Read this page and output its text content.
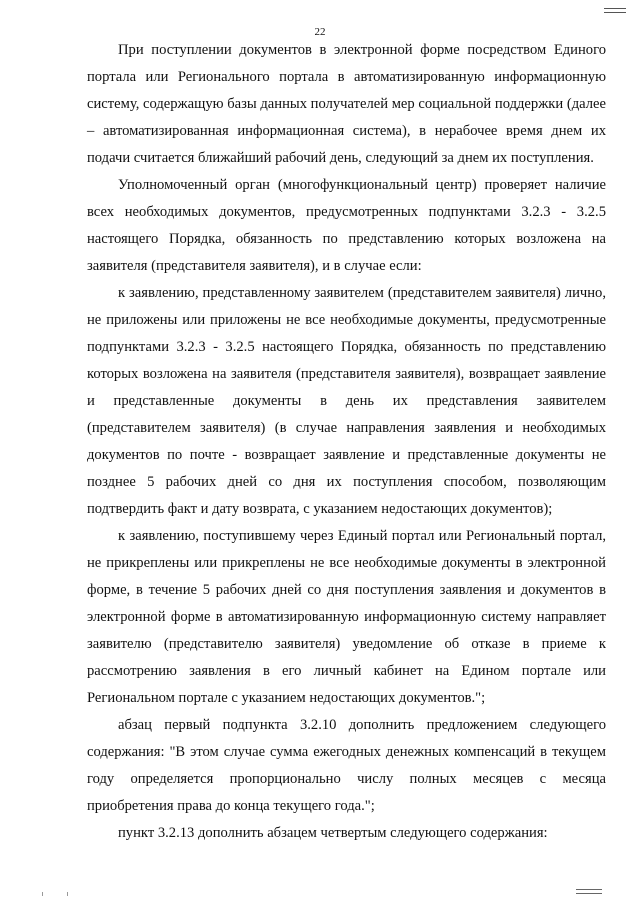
22

При поступлении документов в электронной форме посредством Единого портала или Регионального портала в автоматизированную информационную систему, содержащую базы данных получателей мер социальной поддержки (далее – автоматизированная информационная система), в нерабочее время днем их подачи считается ближайший рабочий день, следующий за днем их поступления.

Уполномоченный орган (многофункциональный центр) проверяет наличие всех необходимых документов, предусмотренных подпунктами 3.2.3 - 3.2.5 настоящего Порядка, обязанность по представлению которых возложена на заявителя (представителя заявителя), и в случае если:

к заявлению, представленному заявителем (представителем заявителя) лично, не приложены или приложены не все необходимые документы, предусмотренные подпунктами 3.2.3 - 3.2.5 настоящего Порядка, обязанность по представлению которых возложена на заявителя (представителя заявителя), возвращает заявление и представленные документы в день их представления заявителем (представителем заявителя) (в случае направления заявления и необходимых документов по почте - возвращает заявление и представленные документы не позднее 5 рабочих дней со дня их поступления способом, позволяющим подтвердить факт и дату возврата, с указанием недостающих документов);

к заявлению, поступившему через Единый портал или Региональный портал, не прикреплены или прикреплены не все необходимые документы в электронной форме, в течение 5 рабочих дней со дня поступления заявления и документов в электронной форме в автоматизированную информационную систему направляет заявителю (представителю заявителя) уведомление об отказе в приеме к рассмотрению заявления в его личный кабинет на Едином портале или Региональном портале с указанием недостающих документов.";

абзац первый подпункта 3.2.10 дополнить предложением следующего содержания: "В этом случае сумма ежегодных денежных компенсаций в текущем году определяется пропорционально числу полных месяцев с месяца приобретения права до конца текущего года.";

пункт 3.2.13 дополнить абзацем четвертым следующего содержания:
